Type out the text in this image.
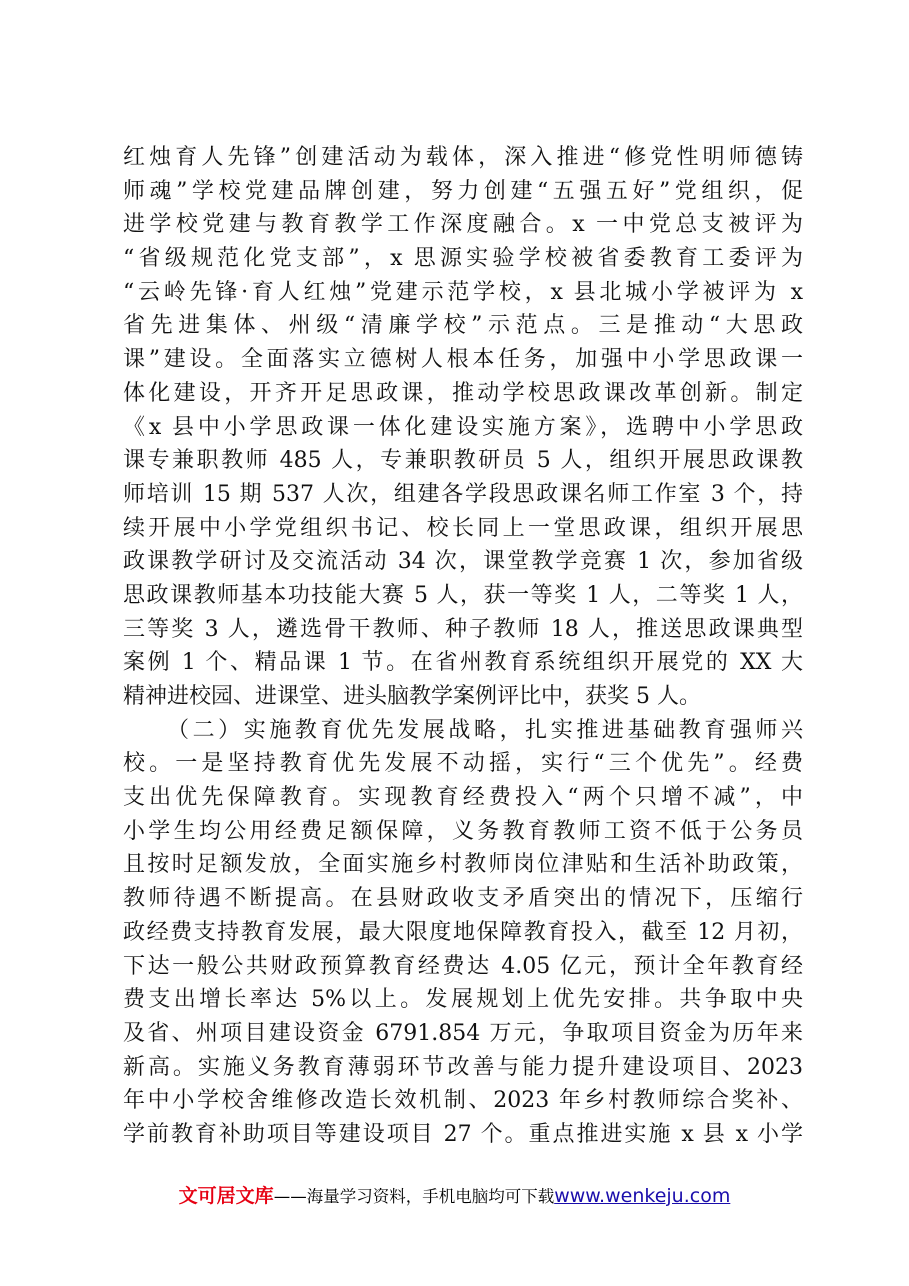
红烛育人先锋”创建活动为载体，深入推进“修党性明师德铸
师魂”学校党建品牌创建，努力创建“五强五好”党组织，促
进学校党建与教育教学工作深度融合。x 一中党总支被评为
“省级规范化党支部”，x 思源实验学校被省委教育工委评为
“云岭先锋·育人红烛”党建示范学校，x 县北城小学被评为 x
省先进集体、州级“清廉学校”示范点。三是推动“大思政
课”建设。全面落实立德树人根本任务，加强中小学思政课一
体化建设，开齐开足思政课，推动学校思政课改革创新。制定
《x 县中小学思政课一体化建设实施方案》，选聘中小学思政
课专兼职教师 485 人，专兼职教研员 5 人，组织开展思政课教
师培训 15 期 537 人次，组建各学段思政课名师工作室 3 个，持
续开展中小学党组织书记、校长同上一堂思政课，组织开展思
政课教学研讨及交流活动 34 次，课堂教学竞赛 1 次，参加省级
思政课教师基本功技能大赛 5 人，获一等奖 1 人，二等奖 1 人，
三等奖 3 人，遴选骨干教师、种子教师 18 人，推送思政课典型
案例 1 个、精品课 1 节。在省州教育系统组织开展党的 XX 大
精神进校园、进课堂、进头脑教学案例评比中，获奖 5 人。
（二）实施教育优先发展战略，扎实推进基础教育强师兴
校。一是坚持教育优先发展不动摇，实行“三个优先”。经费
支出优先保障教育。实现教育经费投入“两个只增不减”，中
小学生均公用经费足额保障，义务教育教师工资不低于公务员
且按时足额发放，全面实施乡村教师岗位津贴和生活补助政策，
教师待遇不断提高。在县财政收支矛盾突出的情况下，压缩行
政经费支持教育发展，最大限度地保障教育投入，截至 12 月初，
下达一般公共财政预算教育经费达 4.05 亿元，预计全年教育经
费支出增长率达 5%以上。发展规划上优先安排。共争取中央
及省、州项目建设资金 6791.854 万元，争取项目资金为历年来
新高。实施义务教育薄弱环节改善与能力提升建设项目、2023
年中小学校舍维修改造长效机制、2023 年乡村教师综合奖补、
学前教育补助项目等建设项目 27 个。重点推进实施 x 县 x 小学
文可居文库——海量学习资料，手机电脑均可下载www.wenkeju.com
